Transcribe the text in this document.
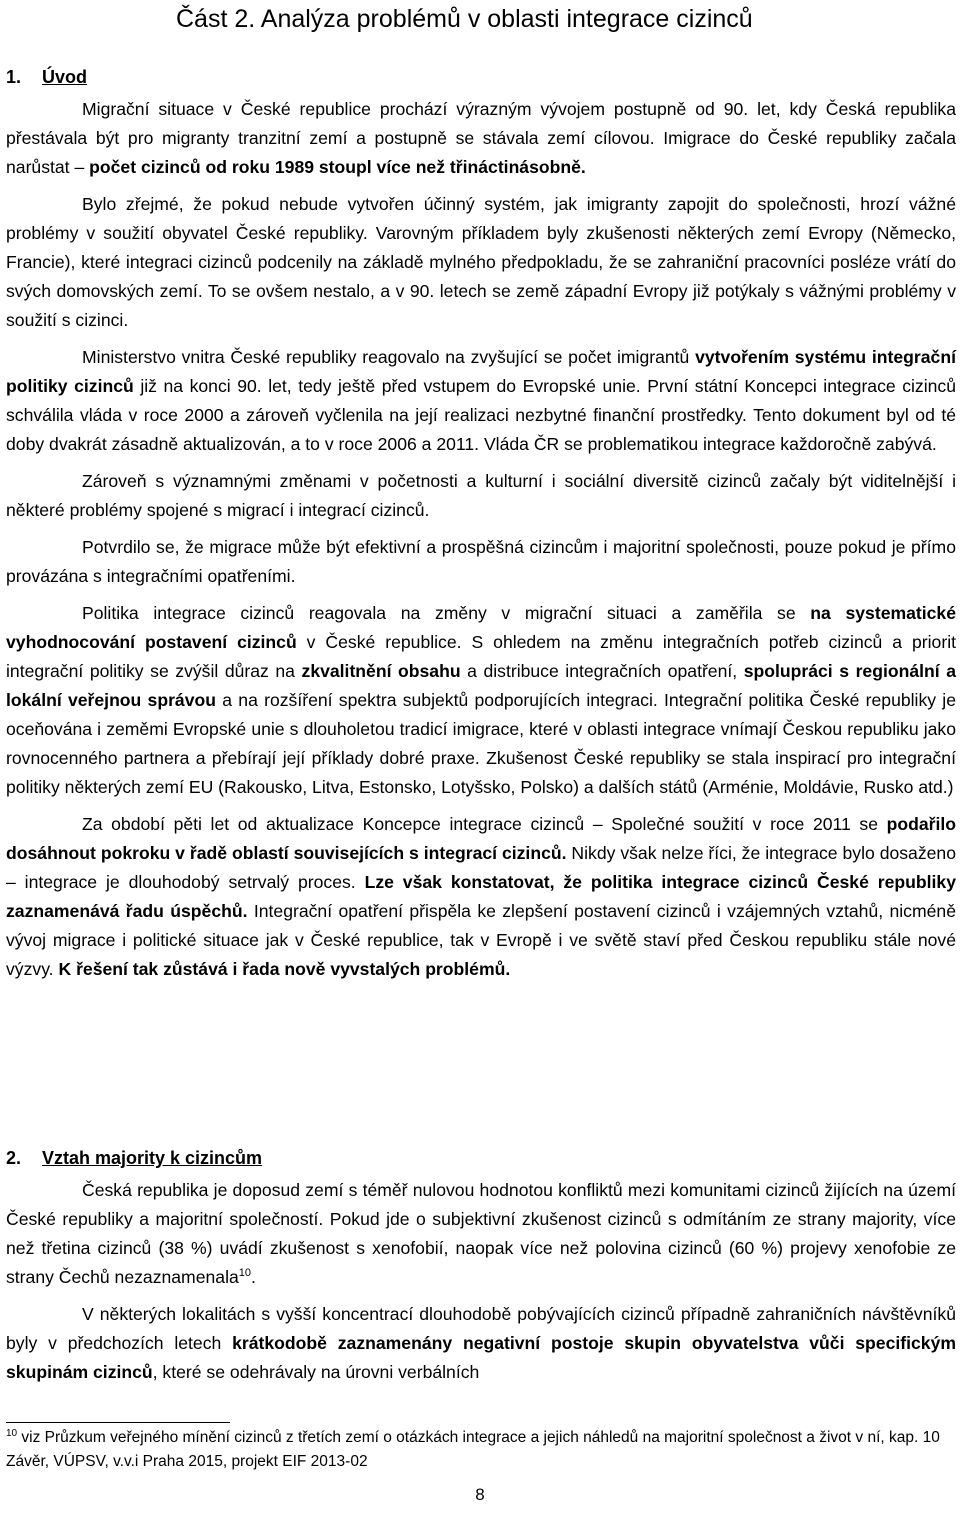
Část 2. Analýza problémů v oblasti integrace cizinců
1. Úvod

Migrační situace v České republice prochází výrazným vývojem postupně od 90. let, kdy Česká republika přestávala být pro migranty tranzitní zemí a postupně se stávala zemí cílovou. Imigrace do České republiky začala narůstat – počet cizinců od roku 1989 stoupl více než třináctinásobně.

Bylo zřejmé, že pokud nebude vytvořen účinný systém, jak imigranty zapojit do společnosti, hrozí vážné problémy v soužití obyvatel České republiky. Varovným příkladem byly zkušenosti některých zemí Evropy (Německo, Francie), které integraci cizinců podcenily na základě mylného předpokladu, že se zahraniční pracovníci posléze vrátí do svých domovských zemí. To se ovšem nestalo, a v 90. letech se země západní Evropy již potýkaly s vážnými problémy v soužití s cizinci.

Ministerstvo vnitra České republiky reagovalo na zvyšující se počet imigrantů vytvořením systému integrační politiky cizinců již na konci 90. let, tedy ještě před vstupem do Evropské unie. První státní Koncepci integrace cizinců schválila vláda v roce 2000 a zároveň vyčlenila na její realizaci nezbytné finanční prostředky. Tento dokument byl od té doby dvakrát zásadně aktualizován, a to v roce 2006 a 2011. Vláda ČR se problematikou integrace každoročně zabývá.

Zároveň s významnými změnami v početnosti a kulturní i sociální diversitě cizinců začaly být viditelnější i některé problémy spojené s migrací i integrací cizinců.

Potvrdilo se, že migrace může být efektivní a prospěšná cizincům i majoritní společnosti, pouze pokud je přímo provázána s integračními opatřeními.

Politika integrace cizinců reagovala na změny v migrační situaci a zaměřila se na systematické vyhodnocování postavení cizinců v České republice. S ohledem na změnu integračních potřeb cizinců a priorit integrační politiky se zvýšil důraz na zkvalitnění obsahu a distribuce integračních opatření, spolupráci s regionální a lokální veřejnou správou a na rozšíření spektra subjektů podporujících integraci. Integrační politika České republiky je oceňována i zeměmi Evropské unie s dlouholetou tradicí imigrace, které v oblasti integrace vnímají Českou republiku jako rovnocenného partnera a přebírají její příklady dobré praxe. Zkušenost České republiky se stala inspirací pro integrační politiky některých zemí EU (Rakousko, Litva, Estonsko, Lotyšsko, Polsko) a dalších států (Arménie, Moldávie, Rusko atd.)

Za období pěti let od aktualizace Koncepce integrace cizinců – Společné soužití v roce 2011 se podařilo dosáhnout pokroku v řadě oblastí souvisejících s integrací cizinců. Nikdy však nelze říci, že integrace bylo dosaženo – integrace je dlouhodobý setrvalý proces. Lze však konstatovat, že politika integrace cizinců České republiky zaznamenává řadu úspěchů. Integrační opatření přispěla ke zlepšení postavení cizinců i vzájemných vztahů, nicméně vývoj migrace i politické situace jak v České republice, tak v Evropě i ve světě staví před Českou republiku stále nové výzvy. K řešení tak zůstává i řada nově vyvstalých problémů.

2. Vztah majority k cizincům

Česká republika je doposud zemí s téměř nulovou hodnotou konfliktů mezi komunitami cizinců žijících na území České republiky a majoritní společností. Pokud jde o subjektivní zkušenost cizinců s odmítáním ze strany majority, více než třetina cizinců (38 %) uvádí zkušenost s xenofobií, naopak více než polovina cizinců (60 %) projevy xenofobie ze strany Čechů nezaznamenala$^{10}$.

V některých lokalitách s vyšší koncentrací dlouhodobě pobývajících cizinců případně zahraničních návštěvníků byly v předchozích letech krátkodobě zaznamenány negativní postoje skupin obyvatelstva vůči specifickým skupinám cizinců, které se odehrávaly na úrovni verbálních

$^{10}$ viz Průzkum veřejného mínění cizinců z třetích zemí o otázkách integrace a jejich náhledů na majoritní společnost a život v ní, kap. 10 Závěr, VÚPSV, v.v.i Praha 2015, projekt EIF 2013-02

8
